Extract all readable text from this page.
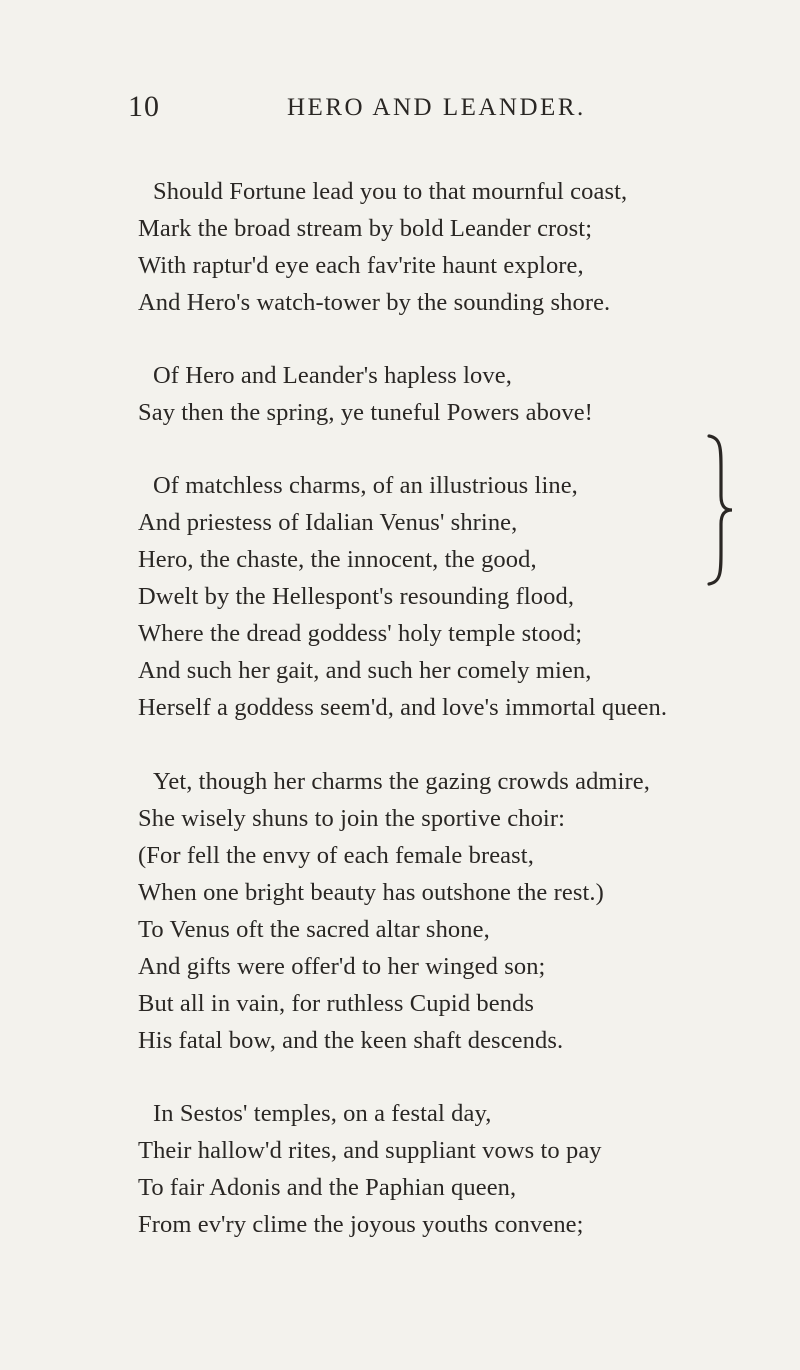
10	HERO AND LEANDER.
Should Fortune lead you to that mournful coast,
Mark the broad stream by bold Leander crost;
With raptur'd eye each fav'rite haunt explore,
And Hero's watch-tower by the sounding shore.
Of Hero and Leander's hapless love,
Say then the spring, ye tuneful Powers above!
Of matchless charms, of an illustrious line,
And priestess of Idalian Venus' shrine,
Hero, the chaste, the innocent, the good,
Dwelt by the Hellespont's resounding flood,
Where the dread goddess' holy temple stood;
And such her gait, and such her comely mien,
Herself a goddess seem'd, and love's immortal queen.
Yet, though her charms the gazing crowds admire,
She wisely shuns to join the sportive choir:
(For fell the envy of each female breast,
When one bright beauty has outshone the rest.)
To Venus oft the sacred altar shone,
And gifts were offer'd to her winged son;
But all in vain, for ruthless Cupid bends
His fatal bow, and the keen shaft descends.
In Sestos' temples, on a festal day,
Their hallow'd rites, and suppliant vows to pay
To fair Adonis and the Paphian queen,
From ev'ry clime the joyous youths convene;
